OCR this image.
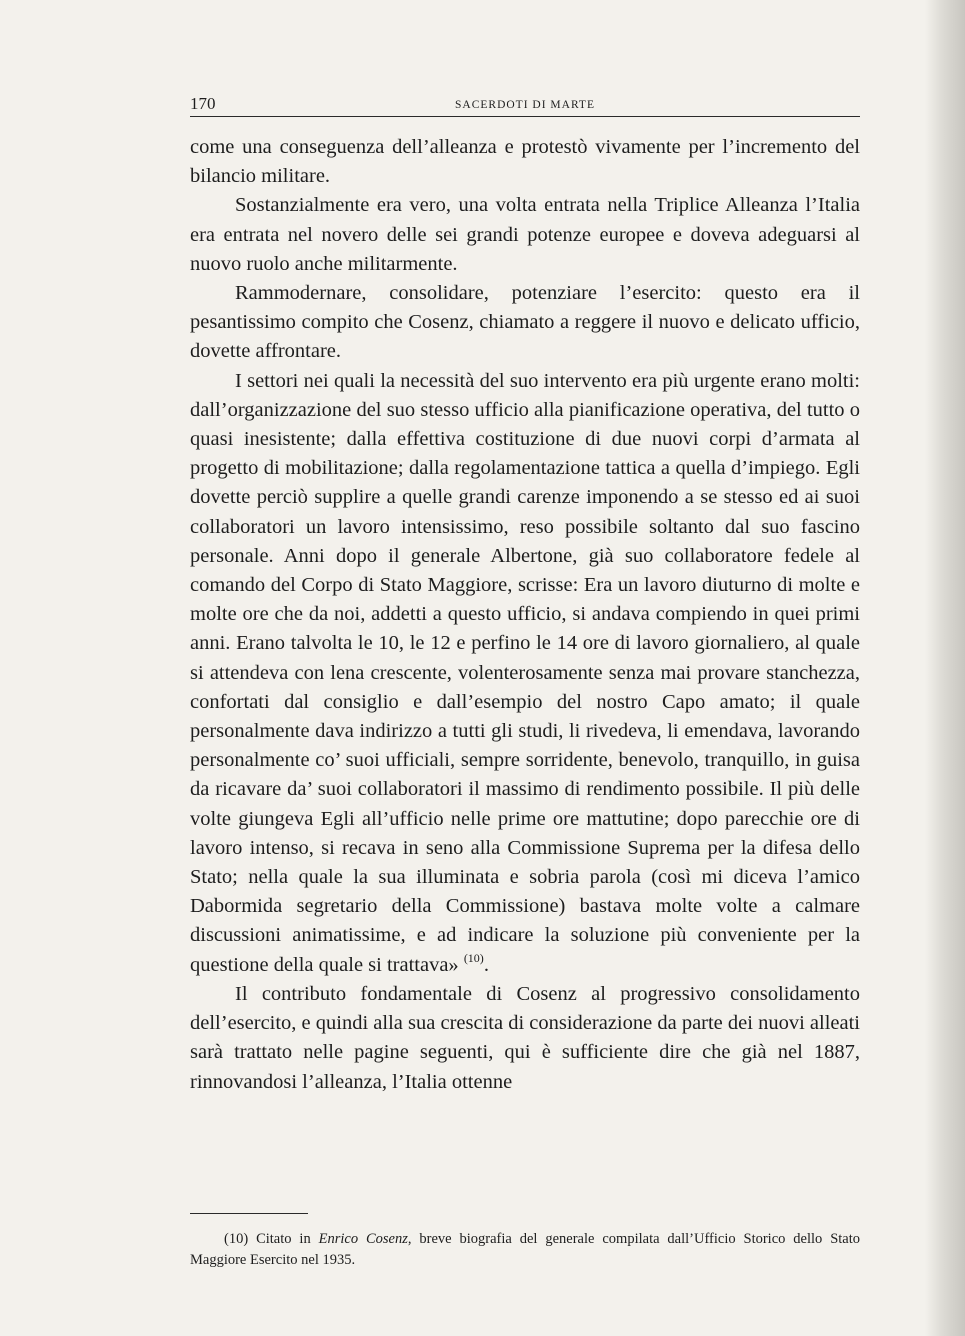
170	SACERDOTI DI MARTE

come una conseguenza dell’alleanza e protestò vivamente per l’incremento del bilancio militare.

Sostanzialmente era vero, una volta entrata nella Triplice Alleanza l’Italia era entrata nel novero delle sei grandi potenze europee e doveva adeguarsi al nuovo ruolo anche militarmente.

Rammodernare, consolidare, potenziare l’esercito: questo era il pesantissimo compito che Cosenz, chiamato a reggere il nuovo e delicato ufficio, dovette affrontare.

I settori nei quali la necessità del suo intervento era più urgente erano molti: dall’organizzazione del suo stesso ufficio alla pianificazione operativa, del tutto o quasi inesistente; dalla effettiva costituzione di due nuovi corpi d’armata al progetto di mobilitazione; dalla regolamentazione tattica a quella d’impiego. Egli dovette perciò supplire a quelle grandi carenze imponendo a se stesso ed ai suoi collaboratori un lavoro intensissimo, reso possibile soltanto dal suo fascino personale. Anni dopo il generale Albertone, già suo collaboratore fedele al comando del Corpo di Stato Maggiore, scrisse: Era un lavoro diuturno di molte e molte ore che da noi, addetti a questo ufficio, si andava compiendo in quei primi anni. Erano talvolta le 10, le 12 e perfino le 14 ore di lavoro giornaliero, al quale si attendeva con lena crescente, volenterosamente senza mai provare stanchezza, confortati dal consiglio e dall’esempio del nostro Capo amato; il quale personalmente dava indirizzo a tutti gli studi, li rivedeva, li emendava, lavorando personalmente co’ suoi ufficiali, sempre sorridente, benevolo, tranquillo, in guisa da ricavare da’ suoi collaboratori il massimo di rendimento possibile. Il più delle volte giungeva Egli all’ufficio nelle prime ore mattutine; dopo parecchie ore di lavoro intenso, si recava in seno alla Commissione Suprema per la difesa dello Stato; nella quale la sua illuminata e sobria parola (così mi diceva l’amico Dabormida segretario della Commissione) bastava molte volte a calmare discussioni animatissime, e ad indicare la soluzione più conveniente per la questione della quale si trattava» $^{(10)}$.

Il contributo fondamentale di Cosenz al progressivo consolidamento dell’esercito, e quindi alla sua crescita di considerazione da parte dei nuovi alleati sarà trattato nelle pagine seguenti, qui è sufficiente dire che già nel 1887, rinnovandosi l’alleanza, l’Italia ottenne

(10) Citato in Enrico Cosenz, breve biografia del generale compilata dall’Ufficio Storico dello Stato Maggiore Esercito nel 1935.
